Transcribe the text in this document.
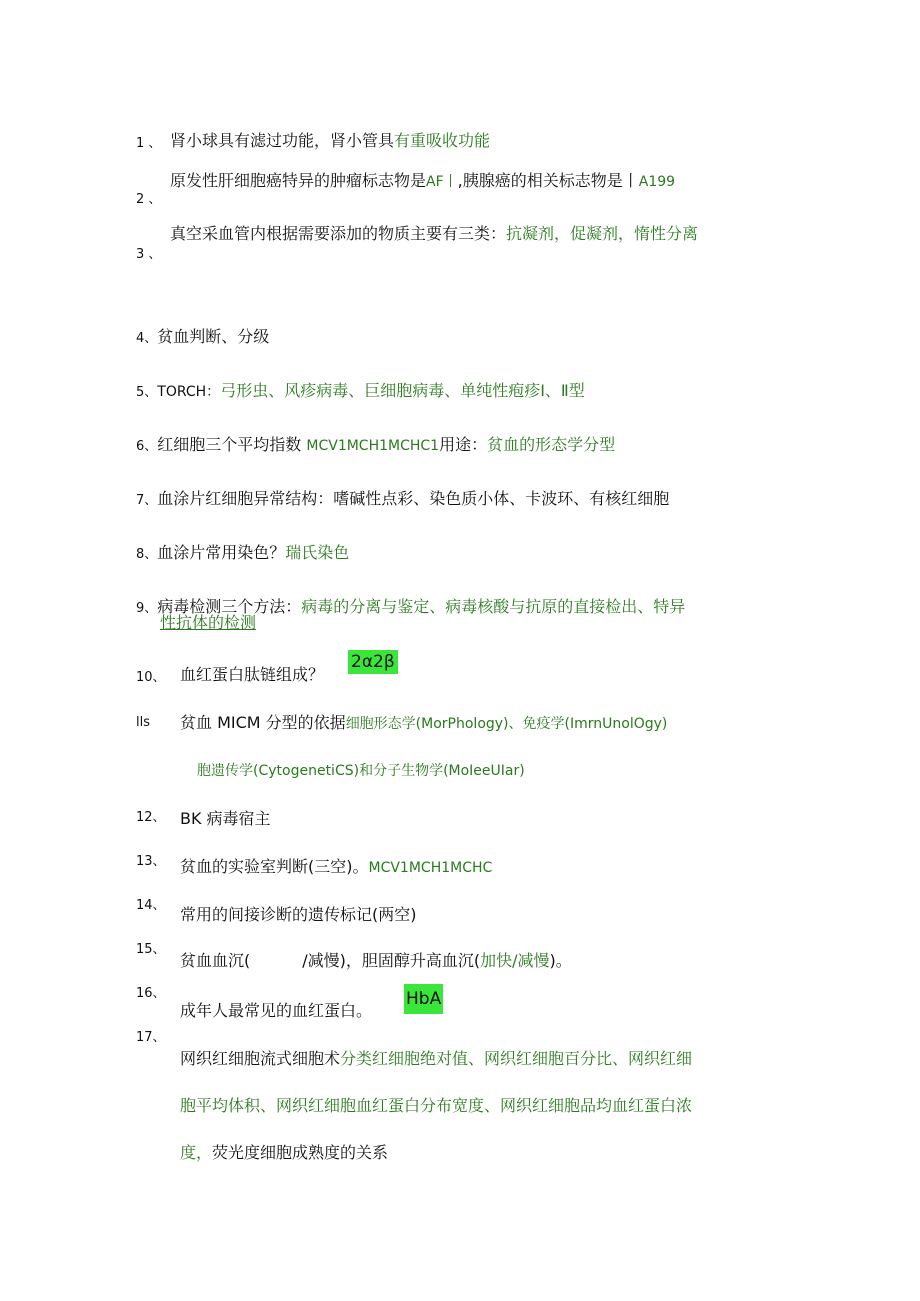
1 、 肾小球具有滤过功能，肾小管具有重吸收功能
原发性肝细胞癌特异的肿瘤标志物是AF丨,胰腺癌的相关标志物是丨A199
2 、
真空采血管内根据需要添加的物质主要有三类：抗凝剂，促凝剂，惰性分离
3 、
4、贫血判断、分级
5、TORCH：弓形虫、风疹病毒、巨细胞病毒、单纯性疱疹Ⅰ、Ⅱ型
6、红细胞三个平均指数 MCV1MCH1MCHC1用途：贫血的形态学分型
7、血涂片红细胞异常结构：嗜碱性点彩、染色质小体、卡波环、有核红细胞
8、血涂片常用染色？瑞氏染色
9、病毒检测三个方法：病毒的分离与鉴定、病毒核酸与抗原的直接检出、特异
性抗体的检测
10、 血红蛋白肽链组成？
2α2β
lls 贫血 MICM 分型的依据细胞形态学(MorPhology)、免疫学(ImrnUnolOgy)
胞遗传学(CytogenetiCS)和分子生物学(MoIeeUIar)
12、 BK 病毒宿主
13、 贫血的实验室判断(三空)。MCV1MCH1MCHC
14、 常用的间接诊断的遗传标记(两空)
15、
贫血血沉(	/减慢)，胆固醇升高血沉(加快/减慢)。
16、
成年人最常见的血红蛋白。
HbA
17、
网织红细胞流式细胞术分类红细胞绝对值、网织红细胞百分比、网织红细
胞平均体积、网织红细胞血红蛋白分布宽度、网织红细胞品均血红蛋白浓
度，荧光度细胞成熟度的关系
